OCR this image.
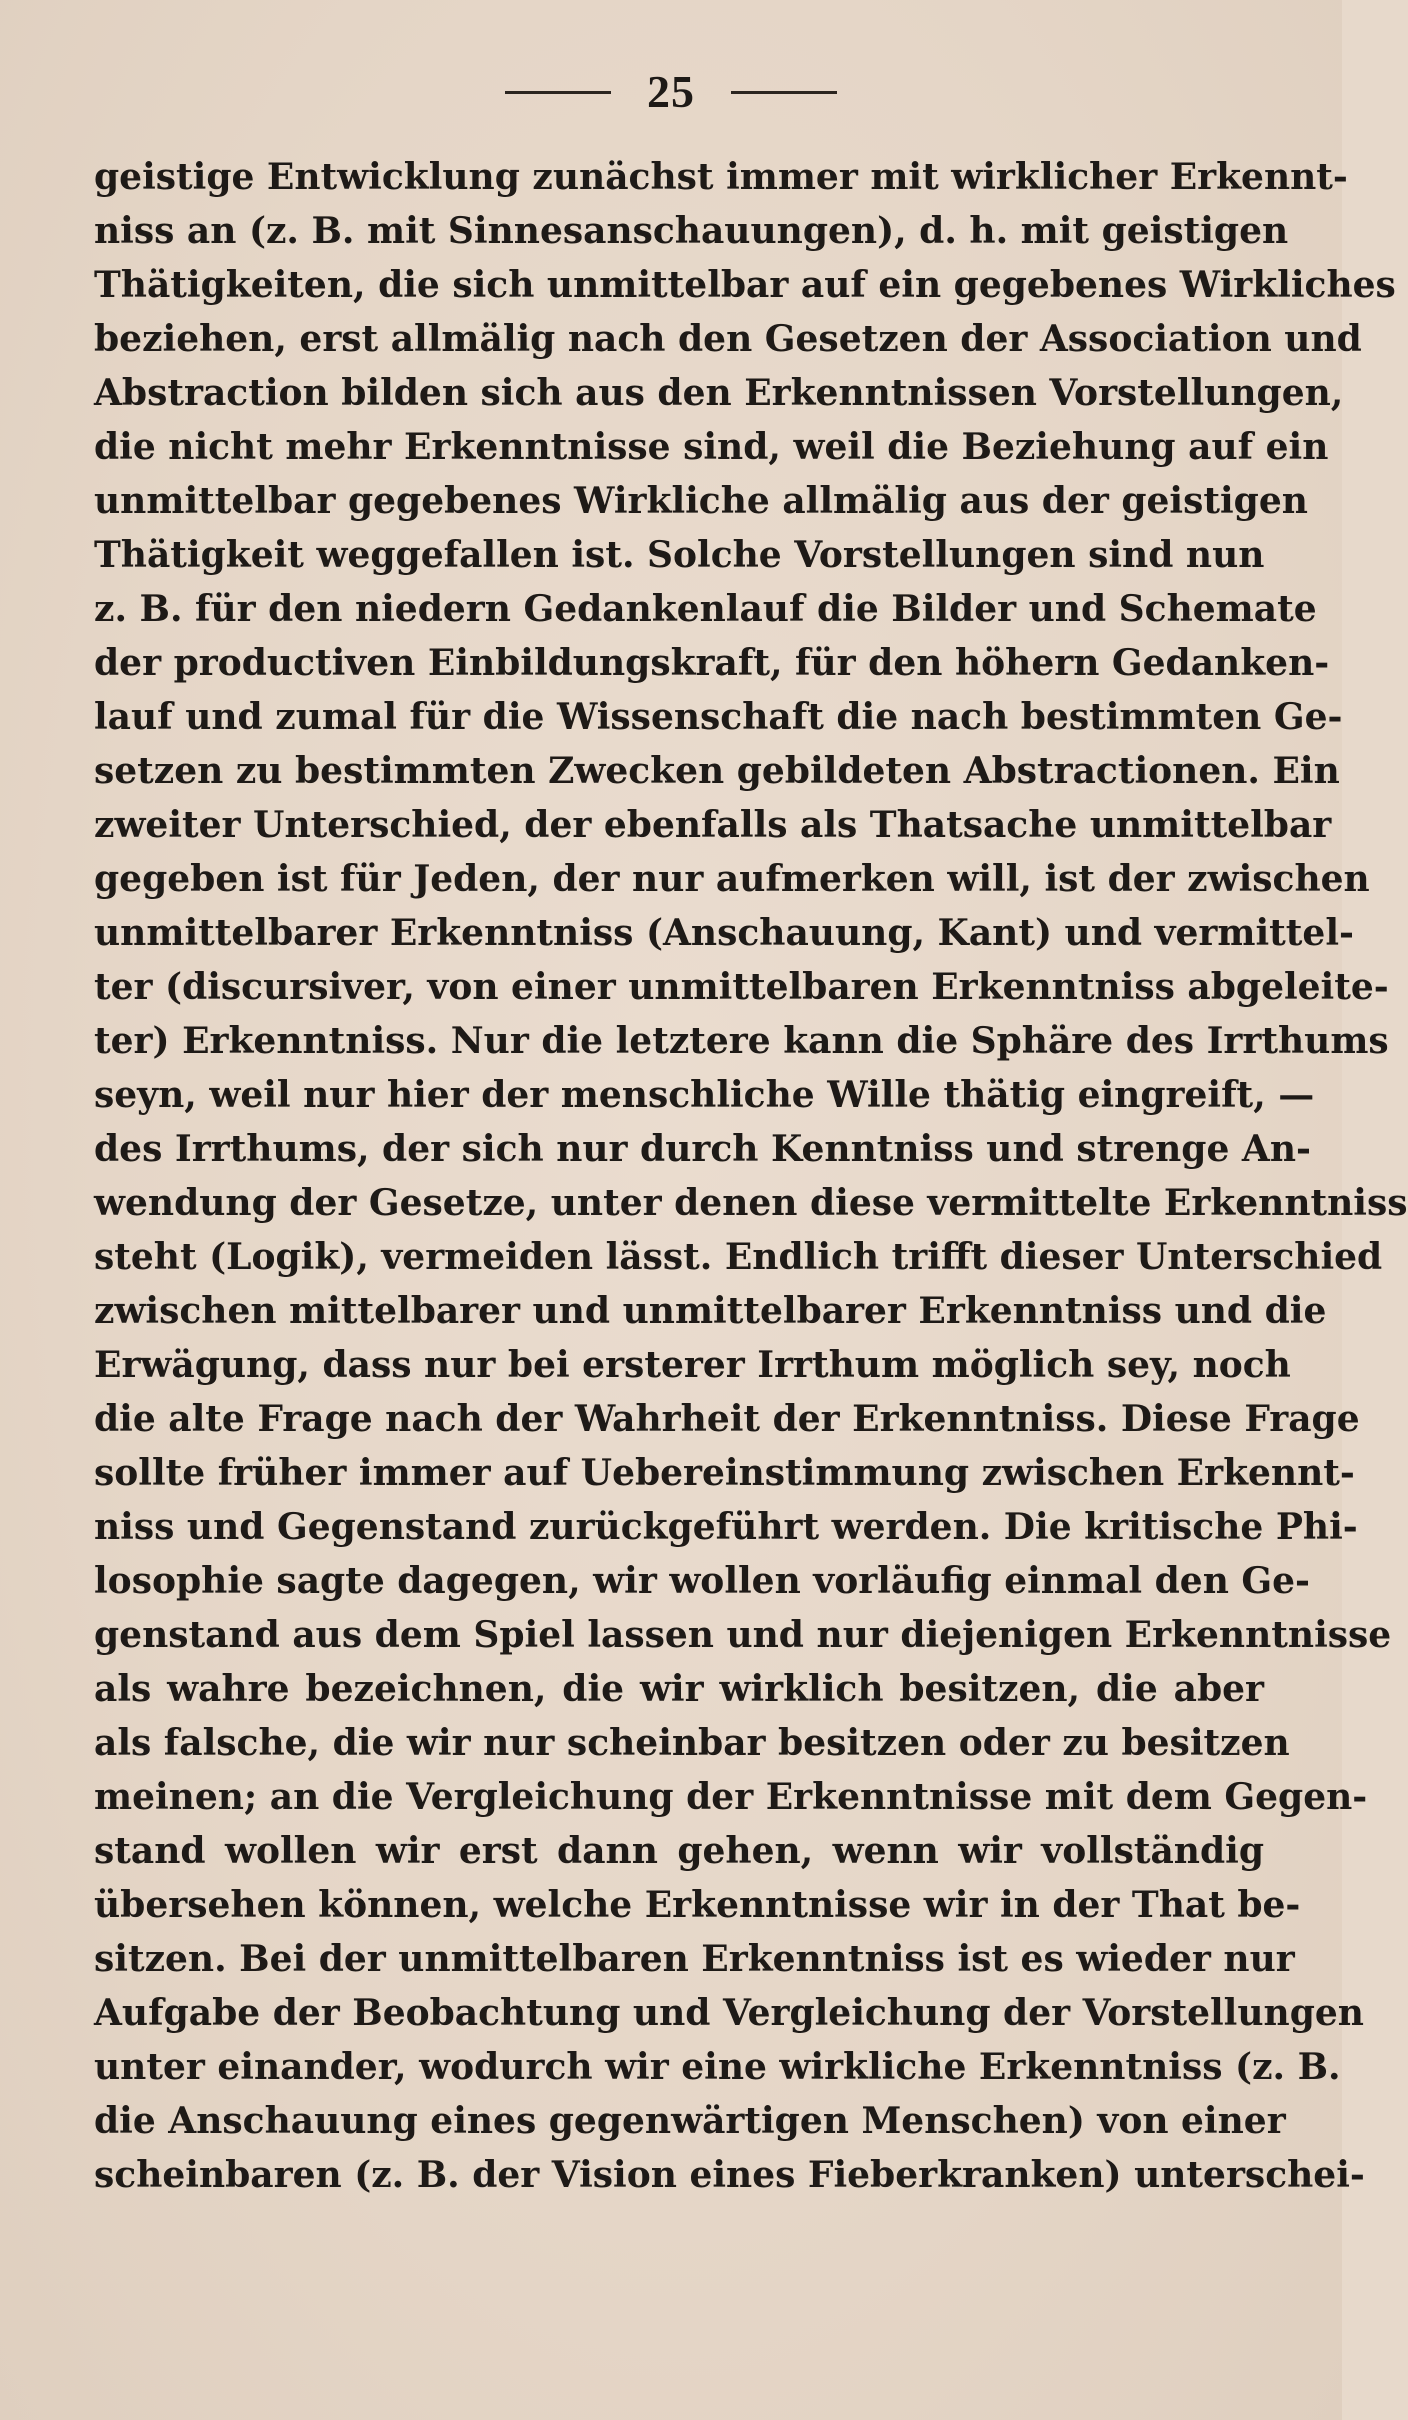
25
geistige Entwicklung zunächst immer mit wirklicher Erkennt-
niss an (z. B. mit Sinnesanschauungen), d. h. mit geistigen
Thätigkeiten, die sich unmittelbar auf ein gegebenes Wirkliches
beziehen, erst allmälig nach den Gesetzen der Association und
Abstraction bilden sich aus den Erkenntnissen Vorstellungen,
die nicht mehr Erkenntnisse sind, weil die Beziehung auf ein
unmittelbar gegebenes Wirkliche allmälig aus der geistigen
Thätigkeit weggefallen ist. Solche Vorstellungen sind nun
z. B. für den niedern Gedankenlauf die Bilder und Schemate
der productiven Einbildungskraft, für den höhern Gedanken-
lauf und zumal für die Wissenschaft die nach bestimmten Ge-
setzen zu bestimmten Zwecken gebildeten Abstractionen. Ein
zweiter Unterschied, der ebenfalls als Thatsache unmittelbar
gegeben ist für Jeden, der nur aufmerken will, ist der zwischen
unmittelbarer Erkenntniss (Anschauung, Kant) und vermittel-
ter (discursiver, von einer unmittelbaren Erkenntniss abgeleite-
ter) Erkenntniss. Nur die letztere kann die Sphäre des Irrthums
seyn, weil nur hier der menschliche Wille thätig eingreift, —
des Irrthums, der sich nur durch Kenntniss und strenge An-
wendung der Gesetze, unter denen diese vermittelte Erkenntniss
steht (Logik), vermeiden lässt. Endlich trifft dieser Unterschied
zwischen mittelbarer und unmittelbarer Erkenntniss und die
Erwägung, dass nur bei ersterer Irrthum möglich sey, noch
die alte Frage nach der Wahrheit der Erkenntniss. Diese Frage
sollte früher immer auf Uebereinstimmung zwischen Erkennt-
niss und Gegenstand zurückgeführt werden. Die kritische Phi-
losophie sagte dagegen, wir wollen vorläufig einmal den Ge-
genstand aus dem Spiel lassen und nur diejenigen Erkenntnisse
als wahre bezeichnen, die wir wirklich besitzen, die aber
als falsche, die wir nur scheinbar besitzen oder zu besitzen
meinen; an die Vergleichung der Erkenntnisse mit dem Gegen-
stand wollen wir erst dann gehen, wenn wir vollständig
übersehen können, welche Erkenntnisse wir in der That be-
sitzen. Bei der unmittelbaren Erkenntniss ist es wieder nur
Aufgabe der Beobachtung und Vergleichung der Vorstellungen
unter einander, wodurch wir eine wirkliche Erkenntniss (z. B.
die Anschauung eines gegenwärtigen Menschen) von einer
scheinbaren (z. B. der Vision eines Fieberkranken) unterschei-
